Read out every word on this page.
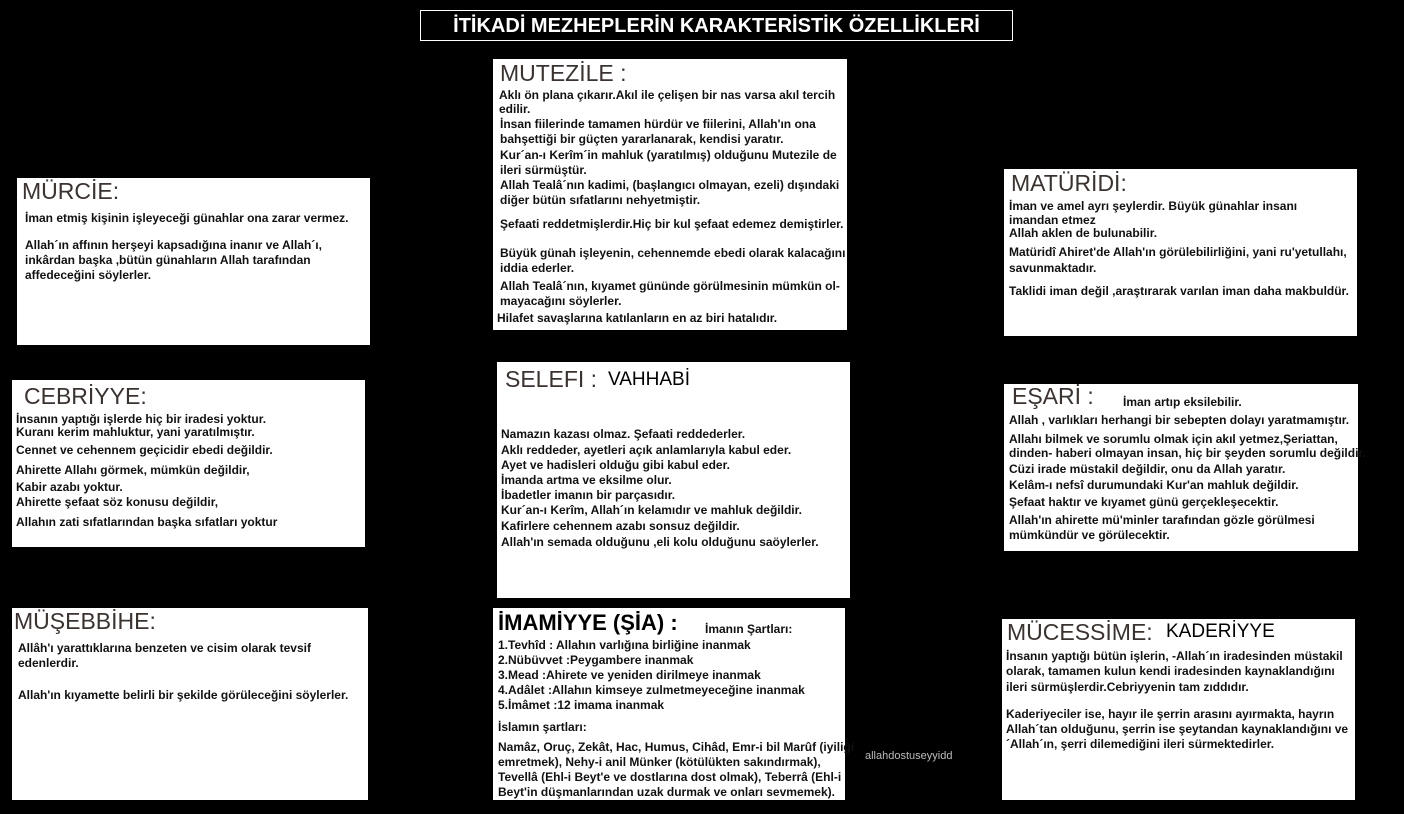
İTİKADİ MEZHEPLERİN KARAKTERİSTİK ÖZELLİKLERİ
MUTEZİLE :
Aklı ön plana çıkarır.Akıl ile çelişen bir nas varsa akıl tercih
edilir.
İnsan fiilerinde tamamen hürdür ve fiilerini, Allah'ın ona
bahşettiği bir güçten yararlanarak, kendisi yaratır.
Kur´an-ı Kerîm´in mahluk (yaratılmış) olduğunu Mutezile de
ileri sürmüştür.
Allah Tealâ´nın kadimi, (başlangıcı olmayan, ezeli) dışındaki
diğer bütün sıfatlarını nehyetmiştir.
Şefaati reddetmişlerdir.Hiç bir kul şefaat edemez demiştirler.
Büyük günah işleyenin, cehennemde ebedi olarak kalacağını
iddia ederler.
Allah Tealâ´nın, kıyamet gününde görülmesinin mümkün ol-
mayacağını söylerler.
Hilafet savaşlarına katılanların en az biri hatalıdır.
MÜRCİE:
İman etmiş kişinin işleyeceği günahlar ona zarar vermez.
Allah´ın affının herşeyi kapsadığına inanır ve Allah´ı,
inkârdan başka ,bütün günahların Allah tarafından
affedeceğini söylerler.
CEBRİYYE:
İnsanın yaptığı işlerde hiç bir iradesi yoktur.
Kuranı kerim mahluktur, yani yaratılmıştır.
Cennet ve cehennem geçicidir ebedi değildir.
Ahirette Allahı görmek, mümkün değildir,
Kabir azabı yoktur.
Ahirette şefaat söz konusu değildir,
Allahın zati sıfatlarından başka sıfatları yoktur
MÜŞEBBİHE:
Allâh'ı yarattıklarına benzeten ve cisim olarak tevsif
edenlerdir.
Allah'ın kıyamette belirli bir şekilde görüleceğini söylerler.
SELEFI : VAHHABİ
Namazın kazası olmaz. Şefaati reddederler.
Aklı reddeder, ayetleri açık anlamlarıyla kabul eder.
Ayet ve hadisleri olduğu gibi kabul eder.
İmanda artma ve eksilme olur.
İbadetler imanın bir parçasıdır.
Kur´an-ı Kerîm, Allah´ın kelamıdır ve mahluk değildir.
Kafirlere cehennem azabı sonsuz değildir.
Allah'ın semada olduğunu ,eli kolu olduğunu saöylerler.
İMAMİYYE (ŞİA) : İmanın Şartları:
1.Tevhîd : Allahın varlığına birliğine inanmak
2.Nübüvvet :Peygambere inanmak
3.Mead :Ahirete ve yeniden dirilmeye inanmak
4.Adâlet :Allahın kimseye zulmetmeyeceğine inanmak
5.İmâmet :12 imama inanmak
İslamın şartları:
Namâz, Oruç, Zekât, Hac, Humus, Cihâd, Emr-i bil Marûf (iyiliği
emretmek), Nehy-i anil Münker (kötülükten sakındırmak),
Tevellâ (Ehl-i Beyt'e ve dostlarına dost olmak), Teberrâ (Ehl-i
Beyt'in düşmanlarından uzak durmak ve onları sevmemek).
MATÜRİDİ:
İman ve amel ayrı şeylerdir. Büyük günahlar insanı
imandan etmez
Allah aklen de bulunabilir.
Matüridî Ahiret'de Allah'ın görülebilirliğini, yani ru'yetullahı,
savunmaktadır.
Taklidi iman değil ,araştırarak varılan iman daha makbuldür.
EŞARİ : İman artıp eksilebilir.
Allah , varlıkları herhangi bir sebepten dolayı yaratmamıştır.
Allahı bilmek ve sorumlu olmak için akıl yetmez,Şeriattan,
dinden- haberi olmayan insan, hiç bir şeyden sorumlu değildir.
Cüzi irade müstakil değildir, onu da Allah yaratır.
Kelâm-ı nefsî durumundaki Kur'an mahluk değildir.
Şefaat haktır ve kıyamet günü gerçekleşecektir.
Allah'ın ahirette mü'minler tarafından gözle görülmesi
mümkündür ve görülecektir.
MÜCESSİME: KADERİYYE
İnsanın yaptığı bütün işlerin, -Allah´ın iradesinden müstakil
olarak, tamamen kulun kendi iradesinden kaynaklandığını
ileri sürmüşlerdir.Cebriyyenin tam zıddıdır.
Kaderiyeciler ise, hayır ile şerrin arasını ayırmakta, hayrın
Allah´tan olduğunu, şerrin ise şeytandan kaynaklandığını ve
´Allah´ın, şerri dilemediğini ileri sürmektedirler.
allahdostuseyyidd
